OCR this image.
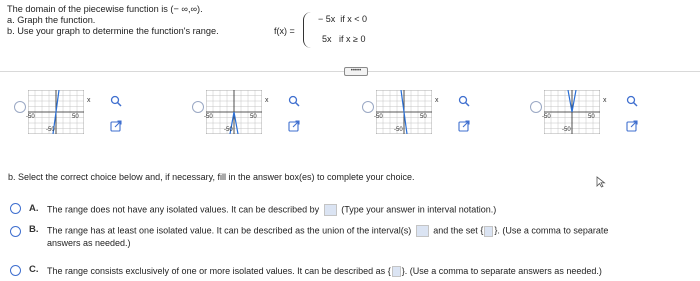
The domain of the piecewise function is (− ∞,∞).
a. Graph the function.
b. Use your graph to determine the function's range.	f(x) =
− 5x if x < 0
5x if x ≥ 0
•••••
-50	50
-50
x
-50	50
-50
x
-50	50
-50
x
-50	50
-50
x
b. Select the correct choice below and, if necessary, fill in the answer box(es) to complete your choice.
A. The range does not have any isolated values. It can be described by (Type your answer in interval notation.)
B. The range has at least one isolated value. It can be described as the union of the interval(s) and the set { }. (Use a comma to separate
answers as needed.)
C. The range consists exclusively of one or more isolated values. It can be described as { }. (Use a comma to separate answers as needed.)
